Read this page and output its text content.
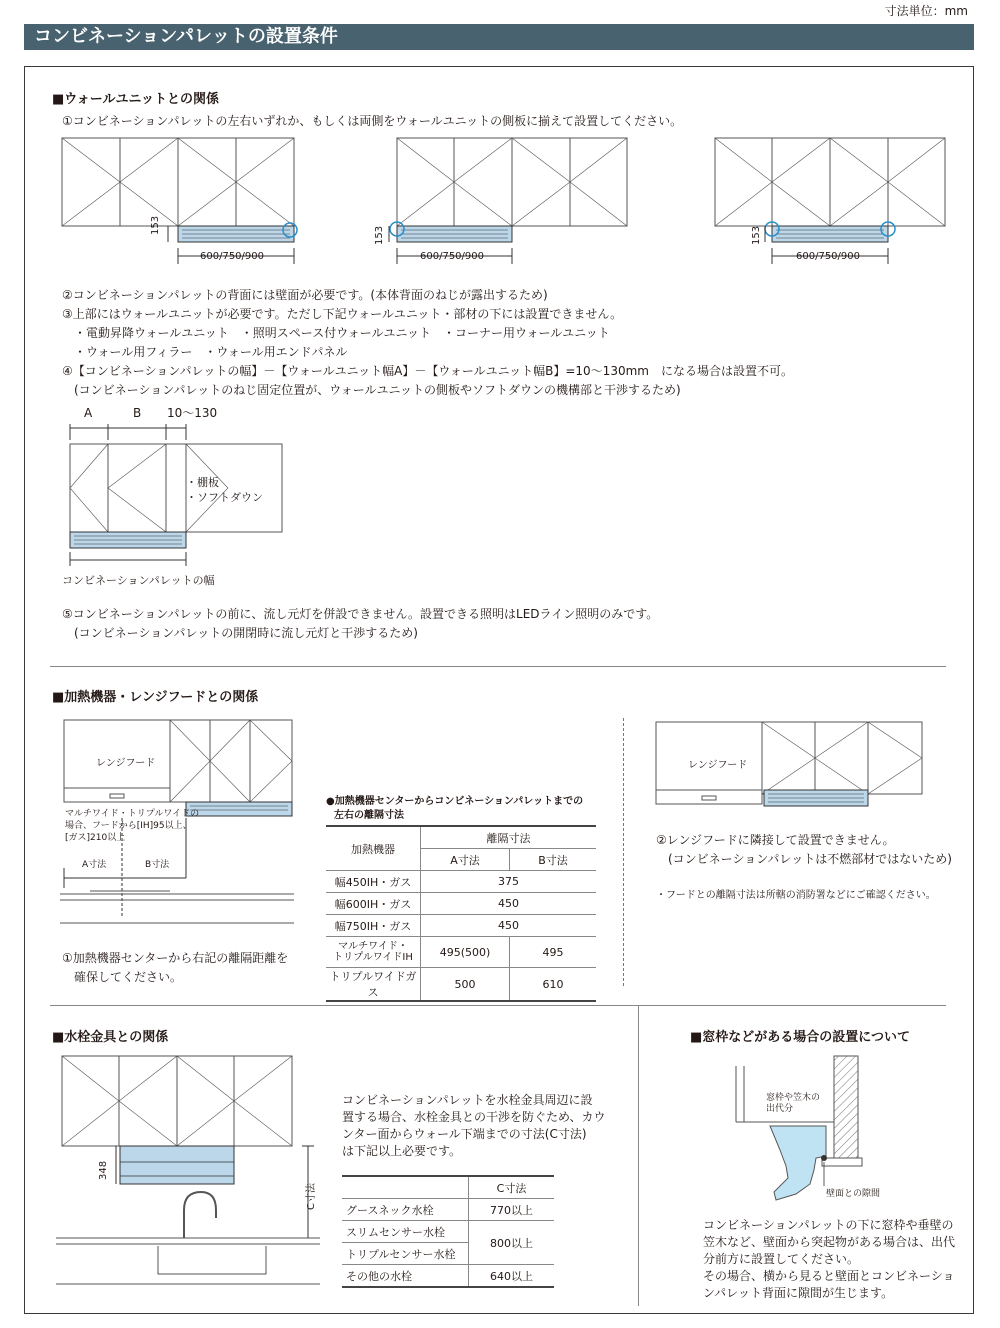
寸法単位：mm
コンビネーションパレットの設置条件
■ウォールユニットとの関係
①コンビネーションパレットの左右いずれか、もしくは両側をウォールユニットの側板に揃えて設置してください。
153
600/750/900
153
600/750/900
153
600/750/900
②コンビネーションパレットの背面には壁面が必要です。(本体背面のねじが露出するため)
③上部にはウォールユニットが必要です。ただし下記ウォールユニット・部材の下には設置できません。
・電動昇降ウォールユニット　・照明スペース付ウォールユニット　・コーナー用ウォールユニット
・ウォール用フィラー　・ウォール用エンドパネル
④【コンビネーションパレットの幅】－【ウォールユニット幅A】－【ウォールユニット幅B】=10～130mm　になる場合は設置不可。
(コンビネーションパレットのねじ固定位置が、ウォールユニットの側板やソフトダウンの機構部と干渉するため)
A	B 10～130
・棚板
・ソフトダウン
コンビネーションパレットの幅
⑤コンビネーションパレットの前に、流し元灯を併設できません。設置できる照明はLEDライン照明のみです。
(コンビネーションパレットの開閉時に流し元灯と干渉するため)
■加熱機器・レンジフードとの関係
レンジフード
マルチワイド・トリプルワイドの
場合、フードから[IH]95以上、
[ガス]210以上
A寸法	B寸法
①加熱機器センターから右記の離隔距離を
確保してください。
●加熱機器センターからコンビネーションパレットまでの
左右の離隔寸法
加熱機器	離隔寸法	
	A寸法	B寸法
幅450IH・ガス	375	
幅600IH・ガス	450	
幅750IH・ガス	450	

マルチワイド・
トリプルワイドIH	495(500)	495
トリプルワイドガス	500	610
レンジフード
②レンジフードに隣接して設置できません。
(コンビネーションパレットは不燃部材ではないため)
・フードとの離隔寸法は所轄の消防署などにご確認ください。
■水栓金具との関係
348
C寸法
コンビネーションパレットを水栓金具周辺に設
置する場合、水栓金具との干渉を防ぐため、カウ
ンター面からウォール下端までの寸法(C寸法)
は下記以上必要です。
	C寸法
グースネック水栓	770以上
スリムセンサー水栓	800以上
トリプルセンサー水栓	
その他の水栓	640以上
■窓枠などがある場合の設置について
窓枠や笠木の
出代分
壁面との隙間
コンビネーションパレットの下に窓枠や垂壁の
笠木など、壁面から突起物がある場合は、出代
分前方に設置してください。
その場合、横から見ると壁面とコンビネーショ
ンパレット背面に隙間が生じます。
